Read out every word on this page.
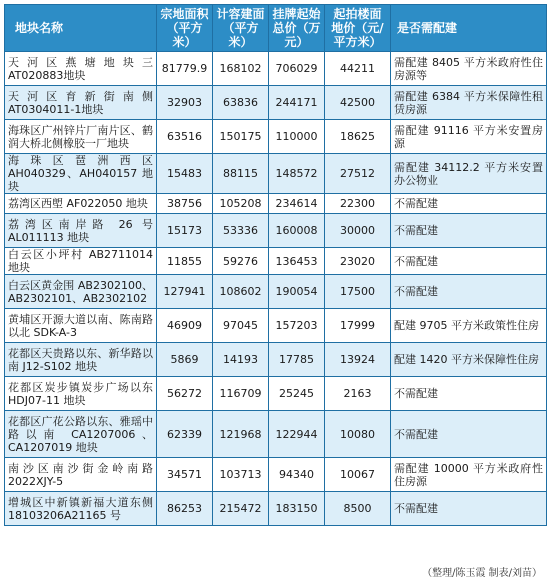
地块名称	宗地面积（平方米）	计容建面（平方米）	挂牌起始总价（万元）	起拍楼面地价（元/平方米）	是否需配建
天河区燕塘地块三 AT020883地块	81779.9	168102	706029	44211	需配建 8405 平方米政府性住房源等
天河区育新街南侧AT0304011-1地块	32903	63836	244171	42500	需配建 6384 平方米保障性租赁房源
海珠区广州锌片厂南片区、鹤润大桥北侧橡胶一厂地块	63516	150175	110000	18625	需配建 91116 平方米安置房源
海珠区琶洲西区 AH040329、AH040157 地块	15483	88115	148572	27512	需配建 34112.2 平方米安置办公物业
荔湾区西塱 AF022050 地块	38756	105208	234614	22300	不需配建
荔湾区南岸路 26 号 AL011113 地块	15173	53336	160008	30000	不需配建
白云区小坪村 AB2711014 地块	11855	59276	136453	23020	不需配建
白云区黄金围 AB2302100、AB2302101、AB2302102	127941	108602	190054	17500	不需配建
黄埔区开源大道以南、陈南路以北 SDK-A-3	46909	97045	157203	17999	配建 9705 平方米政策性住房
花都区天贵路以东、新华路以南 J12-S102 地块	5869	14193	17785	13924	配建 1420 平方米保障性住房
花都区炭步镇炭步广场以东HDJ07-11 地块	56272	116709	25245	2163	不需配建
花都区广花公路以东、雅瑶中路以南 CA1207006、CA1207019 地块	62339	121968	122944	10080	不需配建
南沙区南沙街金岭南路2022XJY-5	34571	103713	94340	10067	需配建 10000 平方米政府性住房源
增城区中新镇新福大道东侧18103206A21165 号	86253	215472	183150	8500	不需配建
（整理/陈玉霞 制表/刘苗）
